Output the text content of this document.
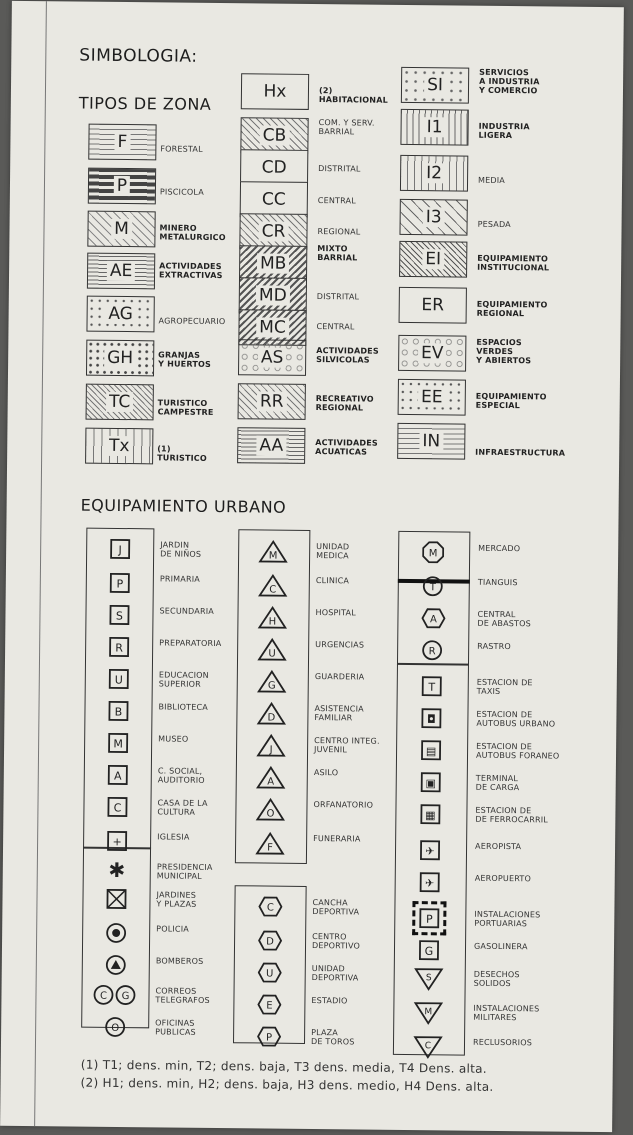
SIMBOLOGIA:
TIPOS DE ZONA
F	FORESTAL
P	PISCICOLA
M	MINERO
METALURGICO
AE	ACTIVIDADES
EXTRACTIVAS
AG	AGROPECUARIO
GH	GRANJAS
Y HUERTOS
TC	TURISTICO
CAMPESTRE
Tx	(1)
TURISTICO
Hx	(2)
HABITACIONAL
CB
COM. Y SERV.
BARRIAL
CD	DISTRITAL
CC	CENTRAL
CR	REGIONAL
MB
MIXTO
BARRIAL
MD	DISTRITAL
MC	CENTRAL
AS	ACTIVIDADES
SILVICOLAS
RR	RECREATIVO
REGIONAL
AA	ACTIVIDADES
ACUATICAS
SI
SERVICIOS
A INDUSTRIA
Y COMERCIO
I1	INDUSTRIA
LIGERA
I2	MEDIA
I3	PESADA
EI	EQUIPAMIENTO
INSTITUCIONAL
ER	EQUIPAMIENTO
REGIONAL
EV
ESPACIOS
VERDES
Y ABIERTOS
EE	EQUIPAMIENTO
ESPECIAL
IN
INFRAESTRUCTURA
EQUIPAMIENTO URBANO
J	JARDIN
DE NIÑOS
P	PRIMARIA
S	SECUNDARIA
R	PREPARATORIA
U	EDUCACION
SUPERIOR
B	BIBLIOTECA
M	MUSEO
A	C. SOCIAL,
AUDITORIO
C	CASA DE LA
CULTURA
+	IGLESIA
✱	PRESIDENCIA
MUNICIPAL
JARDINES
Y PLAZAS
POLICIA
BOMBEROS
C G	CORREOS
TELEGRAFOS
O	OFICINAS
PUBLICAS
M
UNIDAD
MEDICA
C
CLINICA
H
HOSPITAL
U
URGENCIAS
G
GUARDERIA
D
ASISTENCIA
FAMILIAR
J
CENTRO INTEG.
JUVENIL
A
ASILO
O
ORFANATORIO
F
FUNERARIA
C	CANCHA
DEPORTIVA
D	CENTRO
DEPORTIVO
U	UNIDAD
DEPORTIVA
E	ESTADIO
P	PLAZA
DE TOROS
M	MERCADO
T	TIANGUIS
A	CENTRAL
DE ABASTOS
R	RASTRO
T	ESTACION DE
TAXIS
◘	ESTACION DE
AUTOBUS URBANO
▤	ESTACION DE
AUTOBUS FORANEO
▣	TERMINAL
DE CARGA
▦	ESTACION DE
DE FERROCARRIL
✈	AEROPISTA
✈	AEROPUERTO
P	INSTALACIONES
PORTUARIAS
G	GASOLINERA
S	DESECHOS
SOLIDOS
M	INSTALACIONES
MILITARES
C	RECLUSORIOS
(1) T1; dens. min, T2; dens. baja, T3 dens. media, T4 Dens. alta.
(2) H1; dens. min, H2; dens. baja, H3 dens. medio, H4 Dens. alta.
